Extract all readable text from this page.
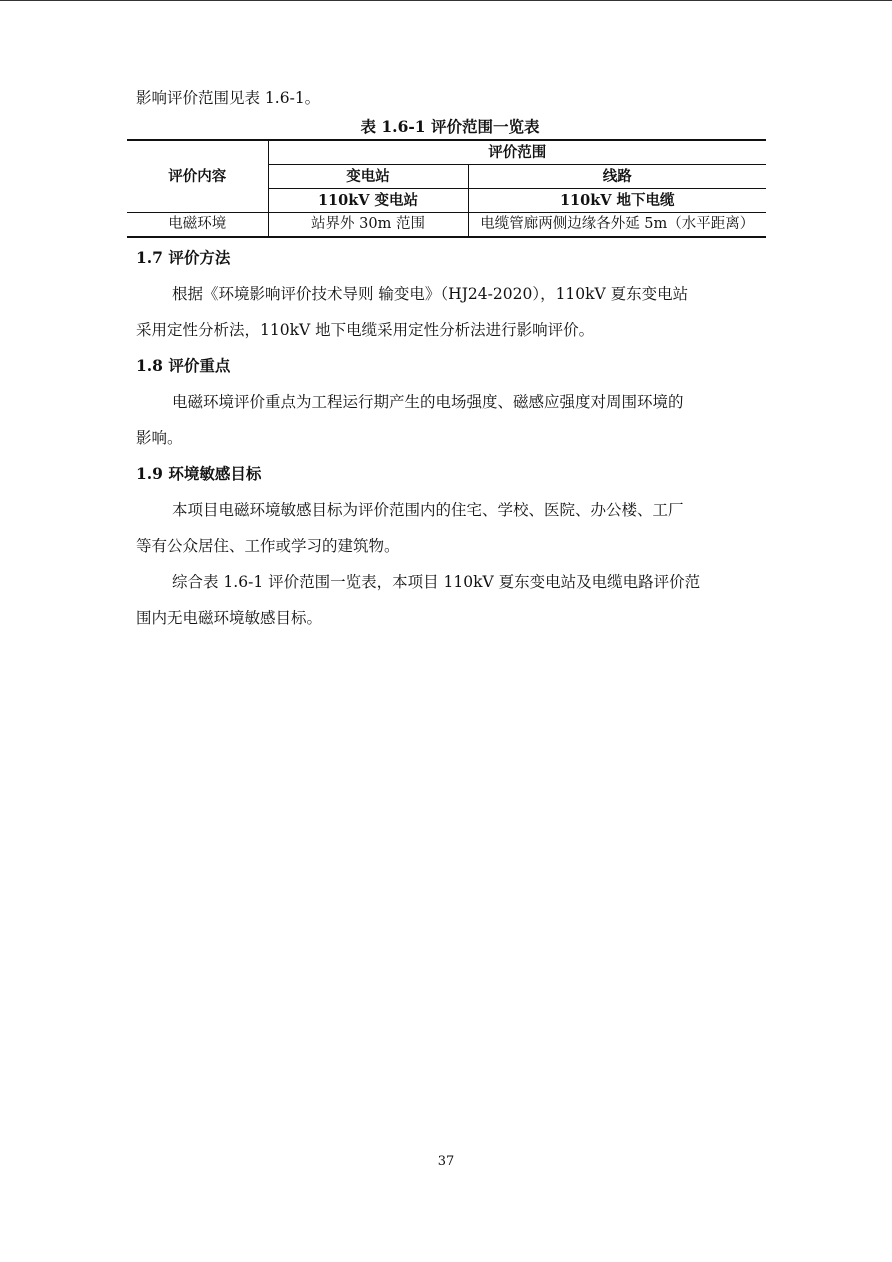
影响评价范围见表 1.6-1。

表 1.6-1 评价范围一览表
评价内容	评价范围	
	变电站	线路
	110kV 变电站	110kV 地下电缆
电磁环境	站界外 30m 范围	电缆管廊两侧边缘各外延 5m（水平距离）

1.7 评价方法

根据《环境影响评价技术导则 输变电》（HJ24-2020），110kV 夏东变电站

采用定性分析法，110kV 地下电缆采用定性分析法进行影响评价。

1.8 评价重点

电磁环境评价重点为工程运行期产生的电场强度、磁感应强度对周围环境的

影响。

1.9 环境敏感目标

本项目电磁环境敏感目标为评价范围内的住宅、学校、医院、办公楼、工厂

等有公众居住、工作或学习的建筑物。

综合表 1.6-1 评价范围一览表，本项目 110kV 夏东变电站及电缆电路评价范

围内无电磁环境敏感目标。

37
